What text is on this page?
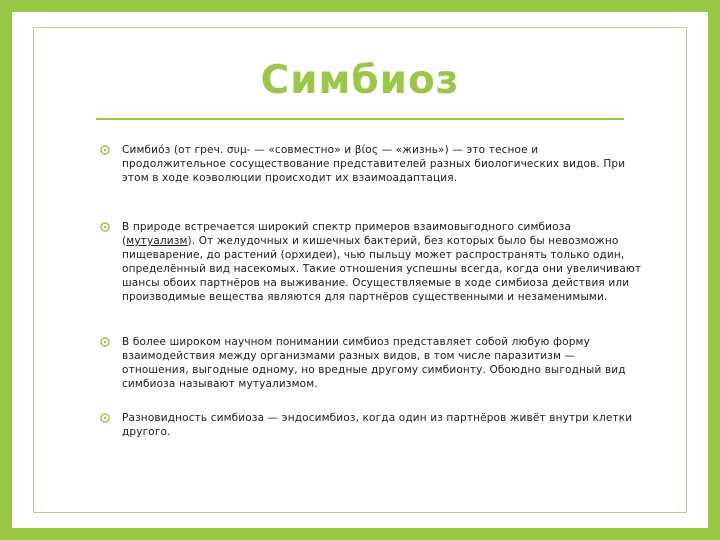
Симбиоз
Симбио́з (от греч. συμ- — «совместно» и βίος — «жизнь») — это тесное и продолжительное сосуществование представителей разных биологических видов. При этом в ходе коэволюции происходит их взаимоадаптация.
В природе встречается широкий спектр примеров взаимовыгодного симбиоза (мутуализм). От желудочных и кишечных бактерий, без которых было бы невозможно пищеварение, до растений (орхидеи), чью пыльцу может распространять только один, определённый вид насекомых. Такие отношения успешны всегда, когда они увеличивают шансы обоих партнёров на выживание. Осуществляемые в ходе симбиоза действия или производимые вещества являются для партнёров существенными и незаменимыми.
В более широком научном понимании симбиоз представляет собой любую форму взаимодействия между организмами разных видов, в том числе паразитизм — отношения, выгодные одному, но вредные другому симбионту. Обоюдно выгодный вид симбиоза называют мутуализмом.
Разновидность симбиоза — эндосимбиоз, когда один из партнёров живёт внутри клетки другого.
